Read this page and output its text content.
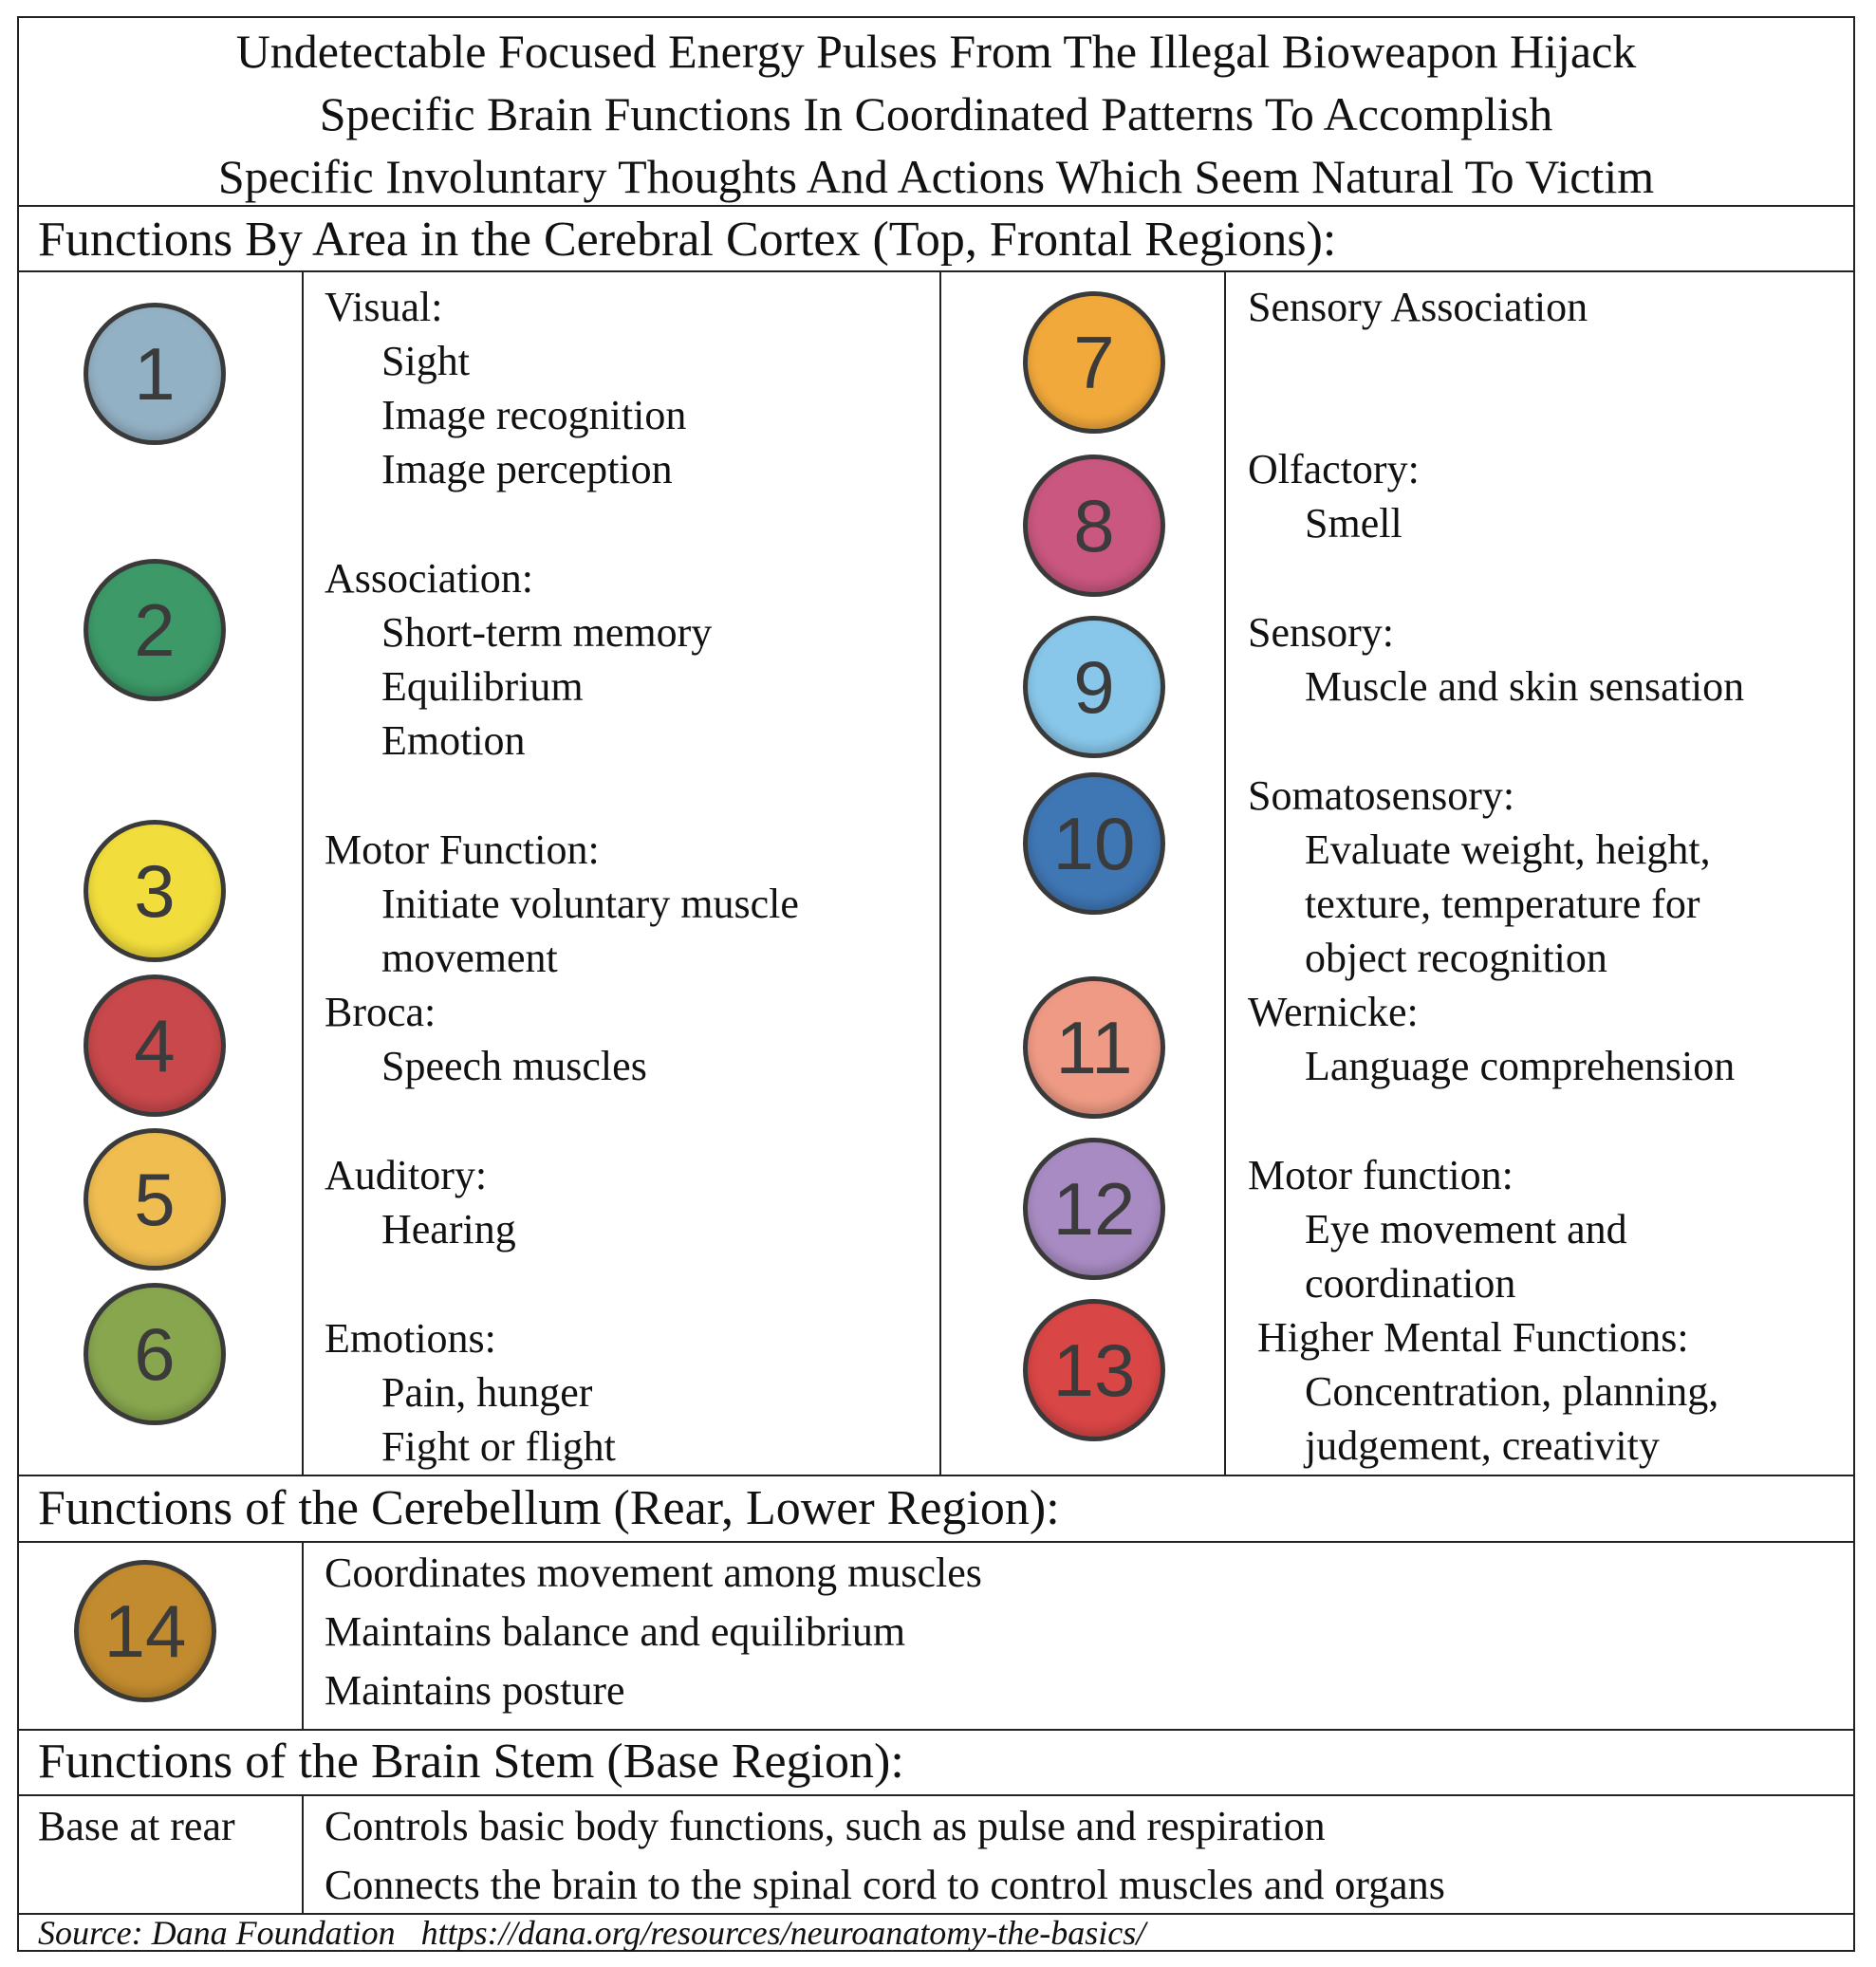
Undetectable Focused Energy Pulses From The Illegal Bioweapon Hijack
Specific Brain Functions In Coordinated Patterns To Accomplish
Specific Involuntary Thoughts And Actions Which Seem Natural To Victim
Functions By Area in the Cerebral Cortex (Top, Frontal Regions):
1
2
3
4
5
6
Visual:
Sight
Image recognition
Image perception
Association:
Short-term memory
Equilibrium
Emotion
Motor Function:
Initiate voluntary muscle
movement
Broca:
Speech muscles
Auditory:
Hearing
Emotions:
Pain, hunger
Fight or flight
7
8
9
10
11
12
13
Sensory Association
Olfactory:
Smell
Sensory:
Muscle and skin sensation
Somatosensory:
Evaluate weight, height,
texture, temperature for
object recognition
Wernicke:
Language comprehension
Motor function:
Eye movement and
coordination
Higher Mental Functions:
Concentration, planning,
judgement, creativity
Functions of the Cerebellum (Rear, Lower Region):
14
Coordinates movement among muscles
Maintains balance and equilibrium
Maintains posture
Functions of the Brain Stem (Base Region):
Base at rear Controls basic body functions, such as pulse and respiration
Connects the brain to the spinal cord to control muscles and organs
Source: Dana Foundation https://dana.org/resources/neuroanatomy-the-basics/
